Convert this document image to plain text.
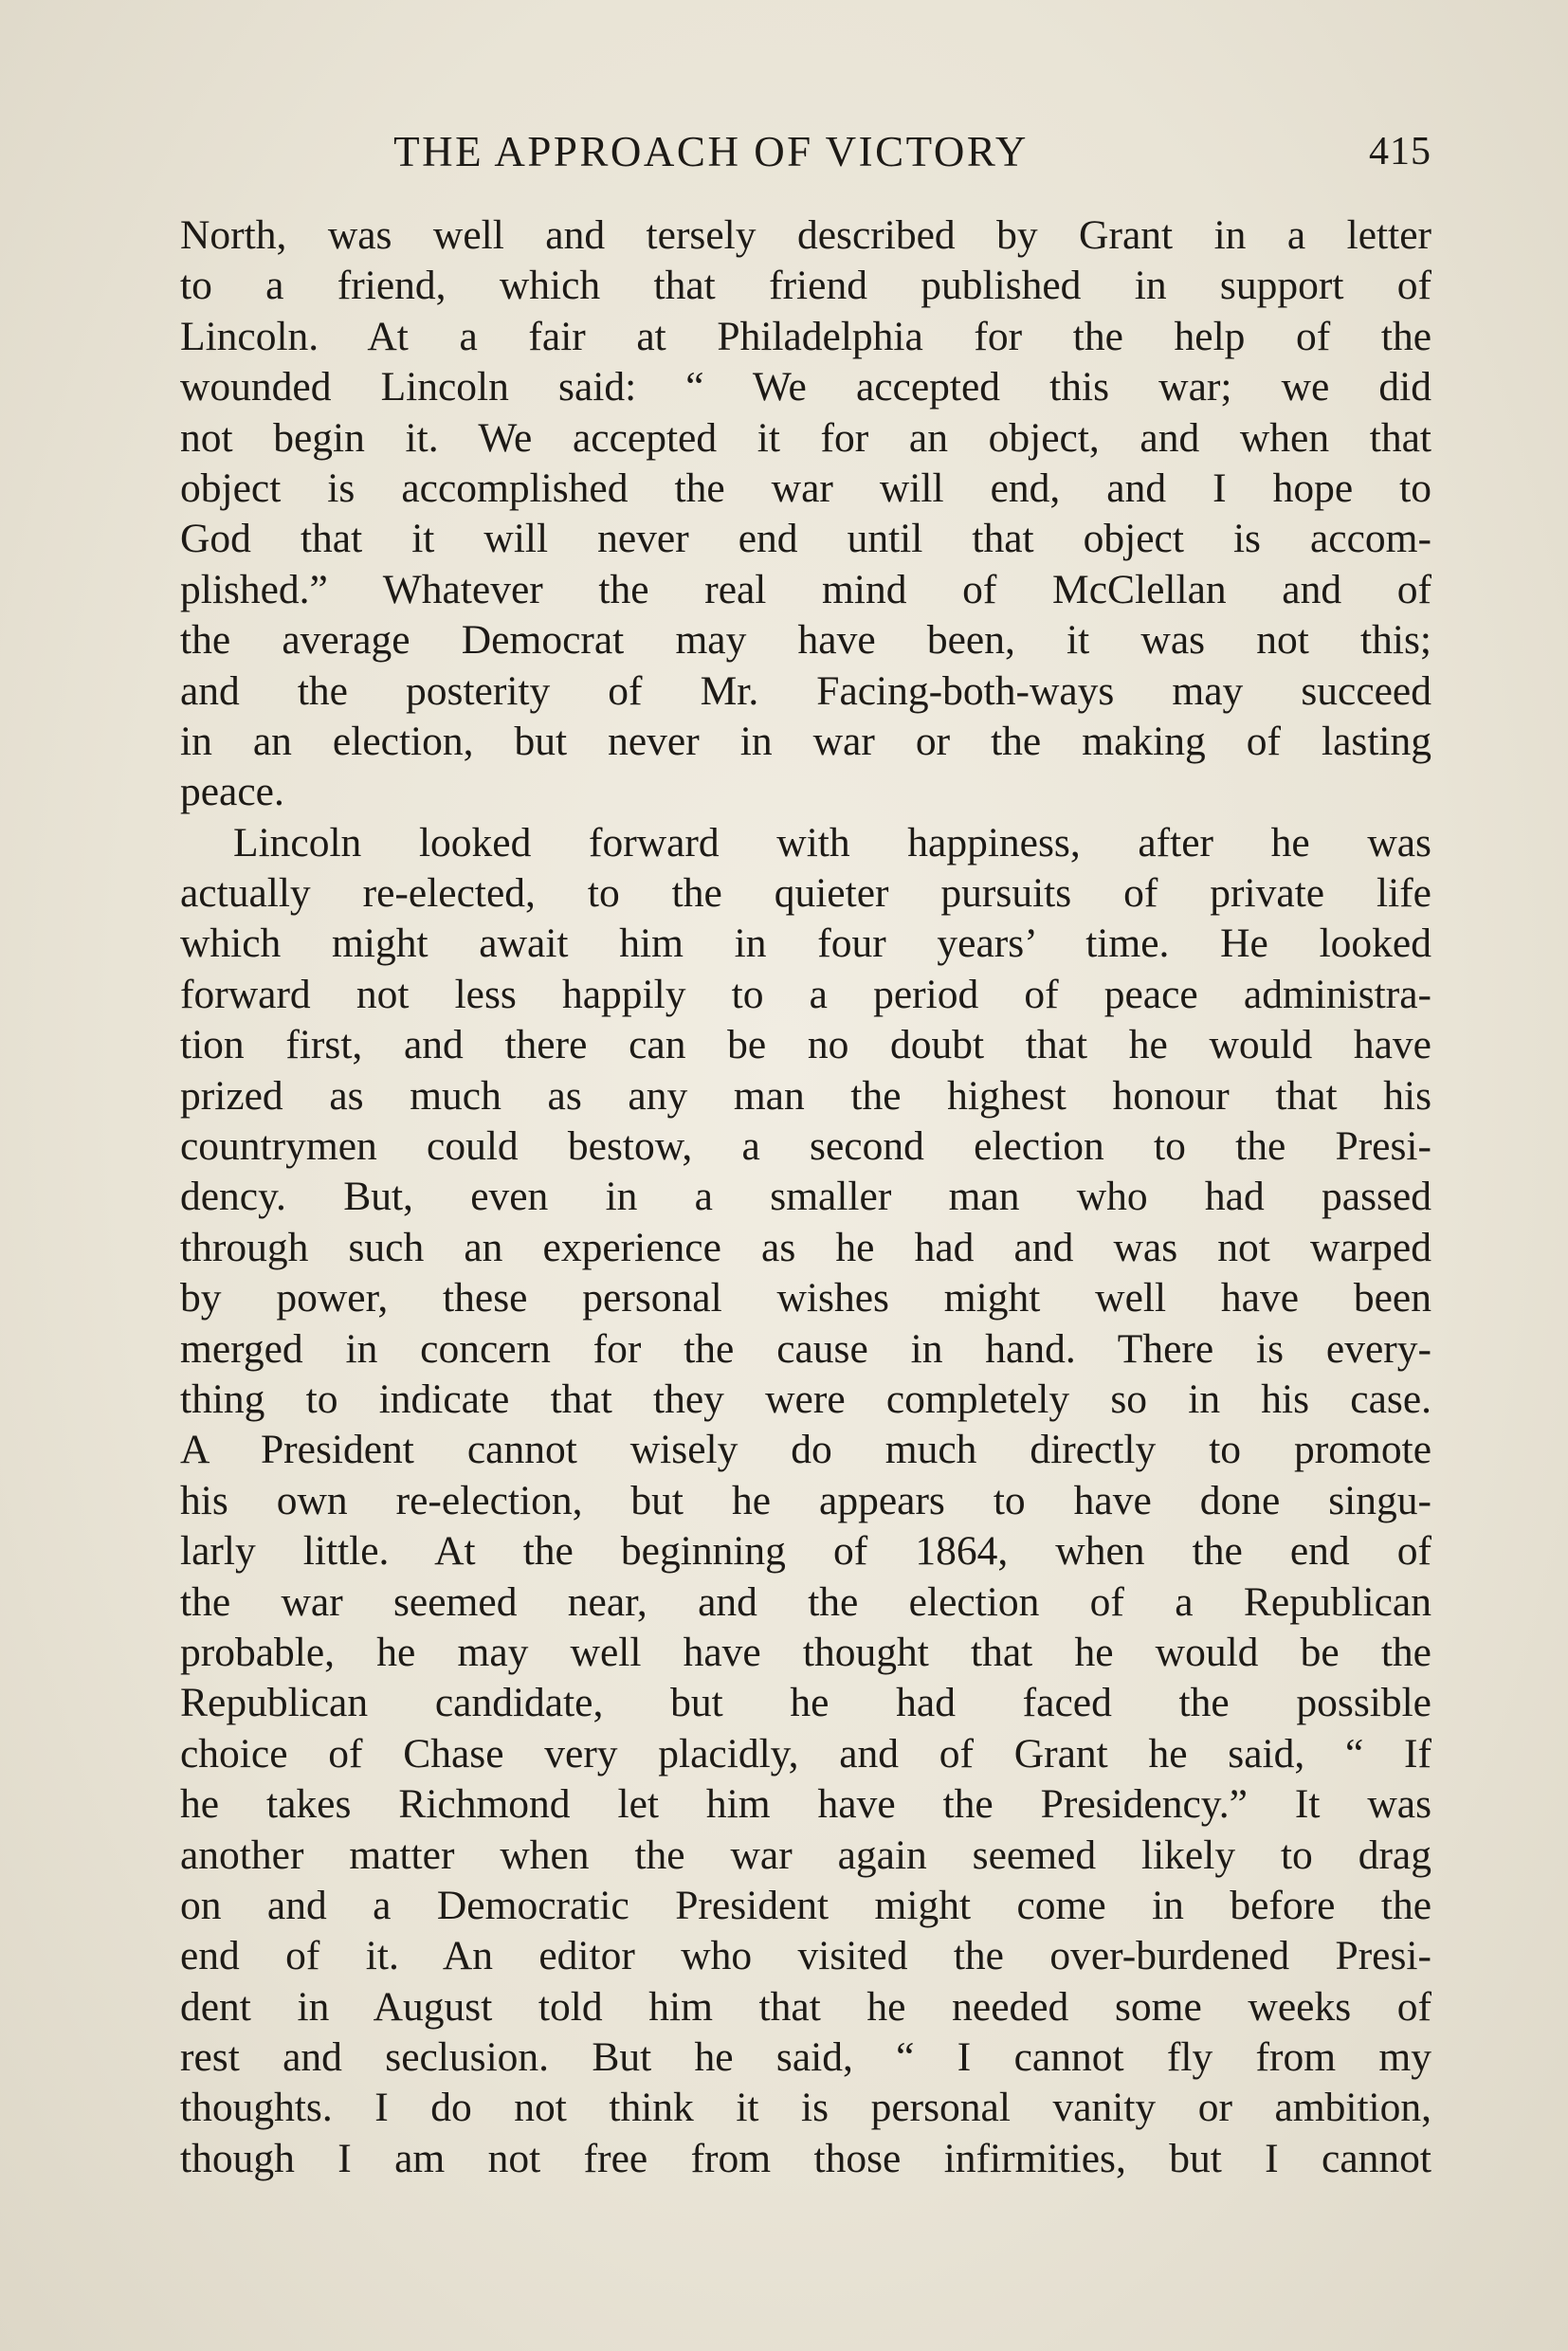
THE APPROACH OF VICTORY	415
North, was well and tersely described by Grant in a letter
to a friend, which that friend published in support of
Lincoln. At a fair at Philadelphia for the help of the
wounded Lincoln said: “ We accepted this war; we did
not begin it. We accepted it for an object, and when that
object is accomplished the war will end, and I hope to
God that it will never end until that object is accom-
plished.” Whatever the real mind of McClellan and of
the average Democrat may have been, it was not this;
and the posterity of Mr. Facing-both-ways may succeed
in an election, but never in war or the making of lasting
peace.
Lincoln looked forward with happiness, after he was
actually re-elected, to the quieter pursuits of private life
which might await him in four years’ time. He looked
forward not less happily to a period of peace administra-
tion first, and there can be no doubt that he would have
prized as much as any man the highest honour that his
countrymen could bestow, a second election to the Presi-
dency. But, even in a smaller man who had passed
through such an experience as he had and was not warped
by power, these personal wishes might well have been
merged in concern for the cause in hand. There is every-
thing to indicate that they were completely so in his case.
A President cannot wisely do much directly to promote
his own re-election, but he appears to have done singu-
larly little. At the beginning of 1864, when the end of
the war seemed near, and the election of a Republican
probable, he may well have thought that he would be the
Republican candidate, but he had faced the possible
choice of Chase very placidly, and of Grant he said, “ If
he takes Richmond let him have the Presidency.” It was
another matter when the war again seemed likely to drag
on and a Democratic President might come in before the
end of it. An editor who visited the over-burdened Presi-
dent in August told him that he needed some weeks of
rest and seclusion. But he said, “ I cannot fly from my
thoughts. I do not think it is personal vanity or ambition,
though I am not free from those infirmities, but I cannot
